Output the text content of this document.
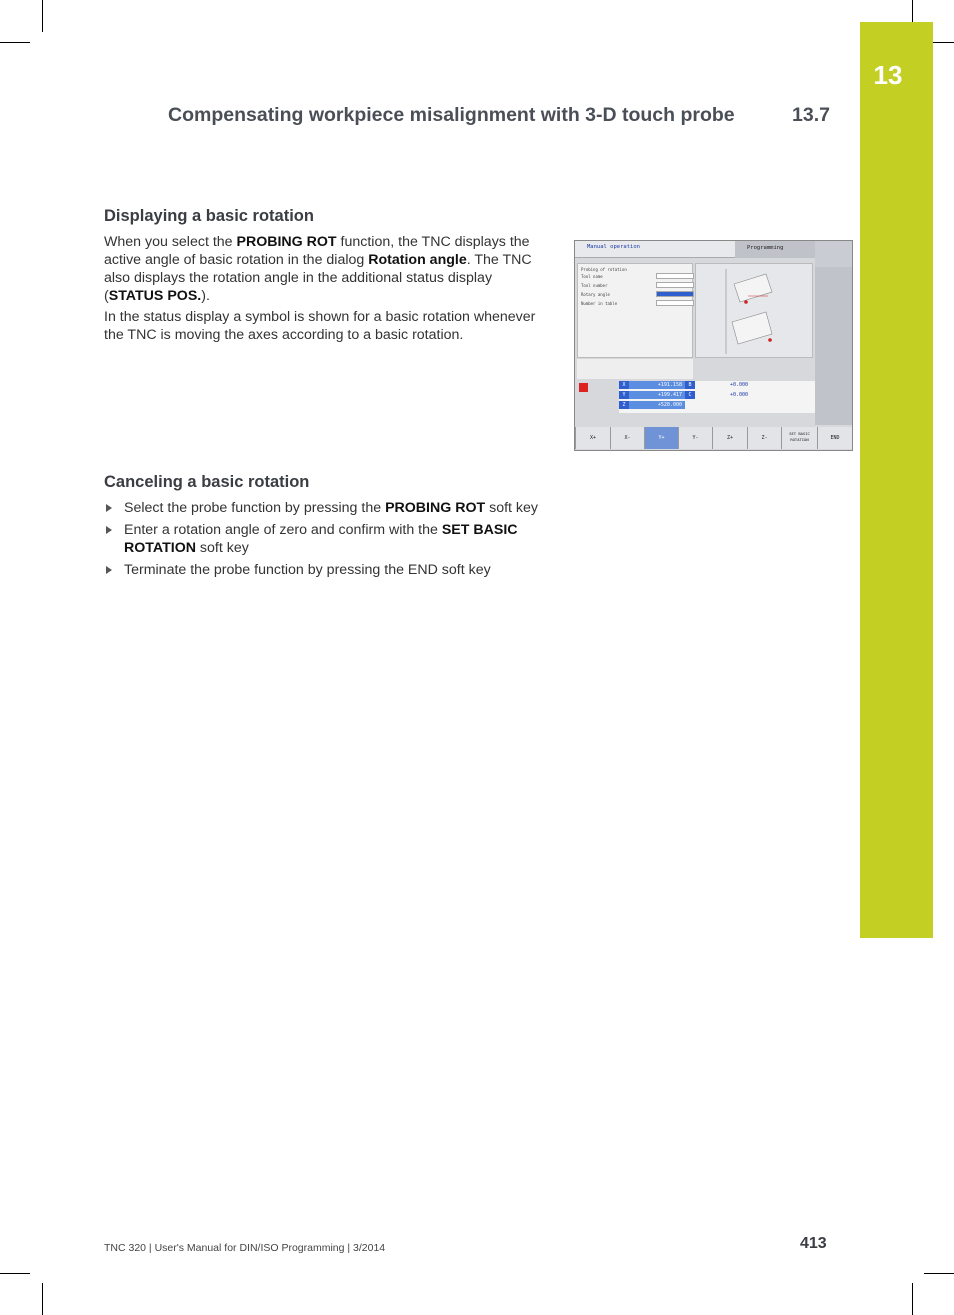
13
Compensating workpiece misalignment with 3-D touch probe	13.7
Displaying a basic rotation
When you select the PROBING ROT function, the TNC displays the active angle of basic rotation in the dialog Rotation angle. The TNC also displays the rotation angle in the additional status display (STATUS POS.).
In the status display a symbol is shown for a basic rotation whenever the TNC is moving the axes according to a basic rotation.
Canceling a basic rotation
Select the probe function by pressing the PROBING ROT soft key
Enter a rotation angle of zero and confirm with the SET BASIC ROTATION soft key
Terminate the probe function by pressing the END soft key
Manual operation	Programming
Probing of rotation
Tool name
Tool number
Rotary angle
Number in table
X	+191.158	B	+0.000
Y	+199.417	C	+0.000
Z	+520.000
X+	X-	Y+	Y-	Z+	Z-
SET BASIC ROTATION	END
TNC 320 | User's Manual for DIN/ISO Programming | 3/2014	413
